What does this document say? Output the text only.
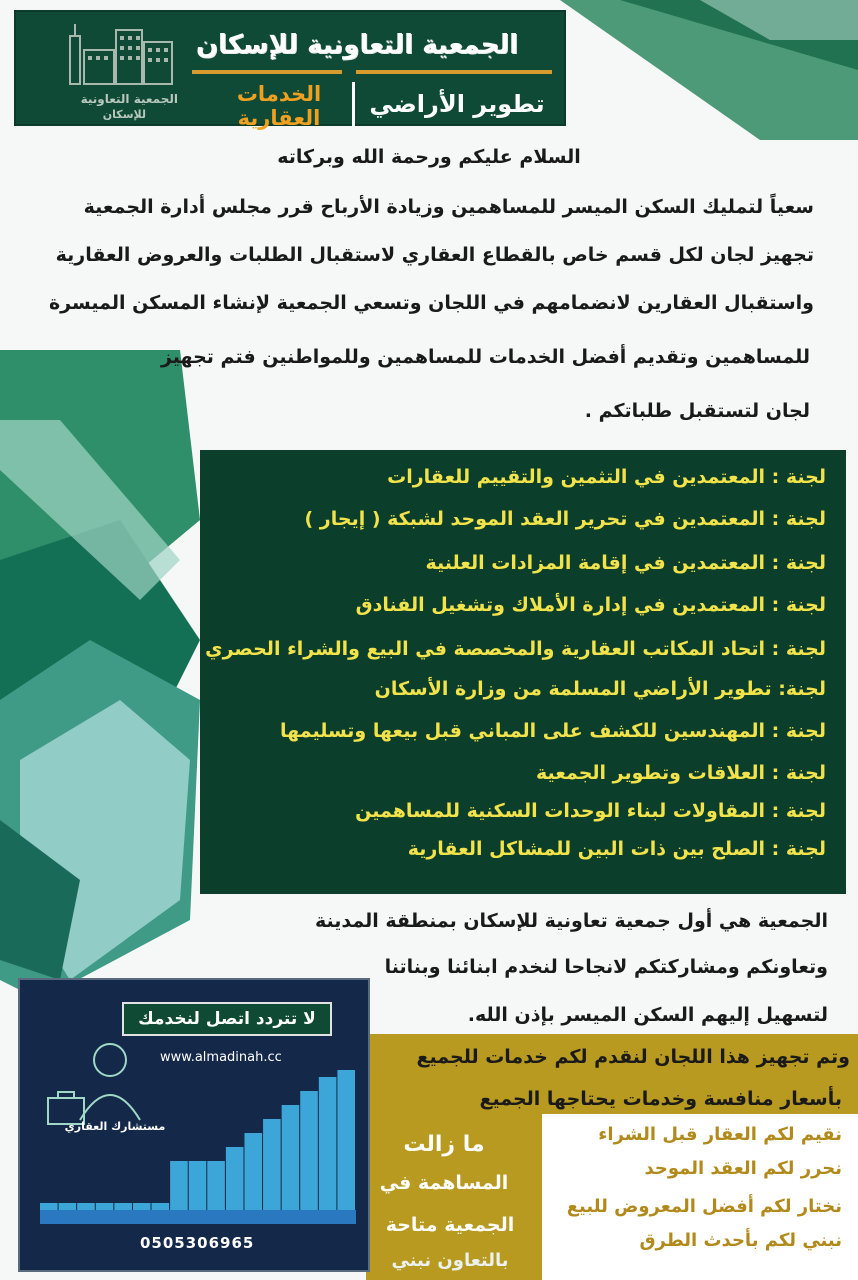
الجمعية التعاونية
للإسكان
الجمعية التعاونية للإسكان
تطوير الأراضي
الخدمات العقارية
السلام عليكم ورحمة الله وبركاته
سعياً لتمليك السكن الميسر للمساهمين وزيادة الأرباح قرر مجلس أدارة الجمعية
تجهيز لجان لكل قسم خاص بالقطاع العقاري لاستقبال الطلبات والعروض العقارية
واستقبال العقارين لانضمامهم في اللجان وتسعي الجمعية لإنشاء المسكن الميسرة
للمساهمين وتقديم أفضل الخدمات للمساهمين وللمواطنين فتم تجهيز
لجان لتستقبل طلباتكم .
لجنة : المعتمدين في التثمين والتقييم للعقارات
لجنة : المعتمدين في تحرير العقد الموحد لشبكة ( إيجار )
لجنة : المعتمدين في إقامة المزادات العلنية
لجنة : المعتمدين في إدارة الأملاك وتشغيل الفنادق
لجنة : اتحاد المكاتب العقارية والمخصصة في البيع والشراء الحصري
لجنة: تطوير الأراضي المسلمة من وزارة الأسكان
لجنة : المهندسين للكشف على المباني قبل بيعها وتسليمها
لجنة : العلاقات وتطوير الجمعية
لجنة : المقاولات لبناء الوحدات السكنية للمساهمين
لجنة : الصلح بين ذات البين للمشاكل العقارية
الجمعية هي أول جمعية تعاونية للإسكان بمنطقة المدينة
وتعاونكم ومشاركتكم لانجاحا لنخدم ابنائنا وبناتنا
لتسهيل إليهم السكن الميسر بإذن الله.
وتم تجهيز هذا اللجان لنقدم لكم خدمات للجميع
بأسعار منافسة وخدمات يحتاجها الجميع
ما زالت
المساهمة في
الجمعية متاحة
بالتعاون نبني
نقيم لكم العقار قبل الشراء
نحرر لكم العقد الموحد
نختار لكم أفضل المعروض للبيع
نبني لكم بأحدث الطرق
لا تتردد اتصل لنخدمك
www.almadinah.cc
مستشارك العقاري
0505306965
